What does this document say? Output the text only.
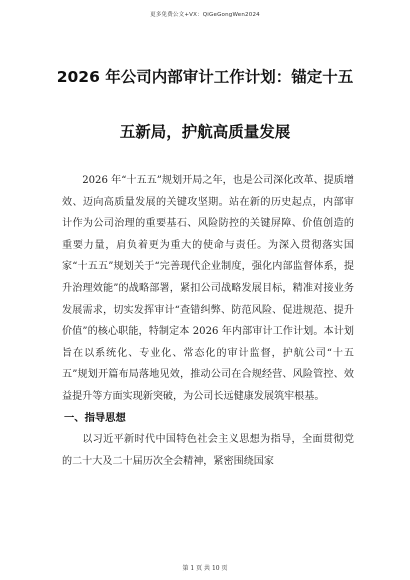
更多免费公文+VX：QiGeGongWen2024
2026 年公司内部审计工作计划：锚定十五
五新局，护航高质量发展

2026 年“十五五”规划开局之年，也是公司深化改革、提质增效、迈向高质量发展的关键攻坚期。站在新的历史起点，内部审计作为公司治理的重要基石、风险防控的关键屏障、价值创造的重要力量，肩负着更为重大的使命与责任。为深入贯彻落实国家“十五五”规划关于“完善现代企业制度，强化内部监督体系，提升治理效能”的战略部署，紧扣公司战略发展目标，精准对接业务发展需求，切实发挥审计“查错纠弊、防范风险、促进规范、提升价值”的核心职能，特制定本 2026 年内部审计工作计划。本计划旨在以系统化、专业化、常态化的审计监督，护航公司“十五五”规划开篇布局落地见效，推动公司在合规经营、风险管控、效益提升等方面实现新突破，为公司长远健康发展筑牢根基。

一、指导思想

以习近平新时代中国特色社会主义思想为指导，全面贯彻党的二十大及二十届历次全会精神，紧密围绕国家

第 1 页 共 10 页
